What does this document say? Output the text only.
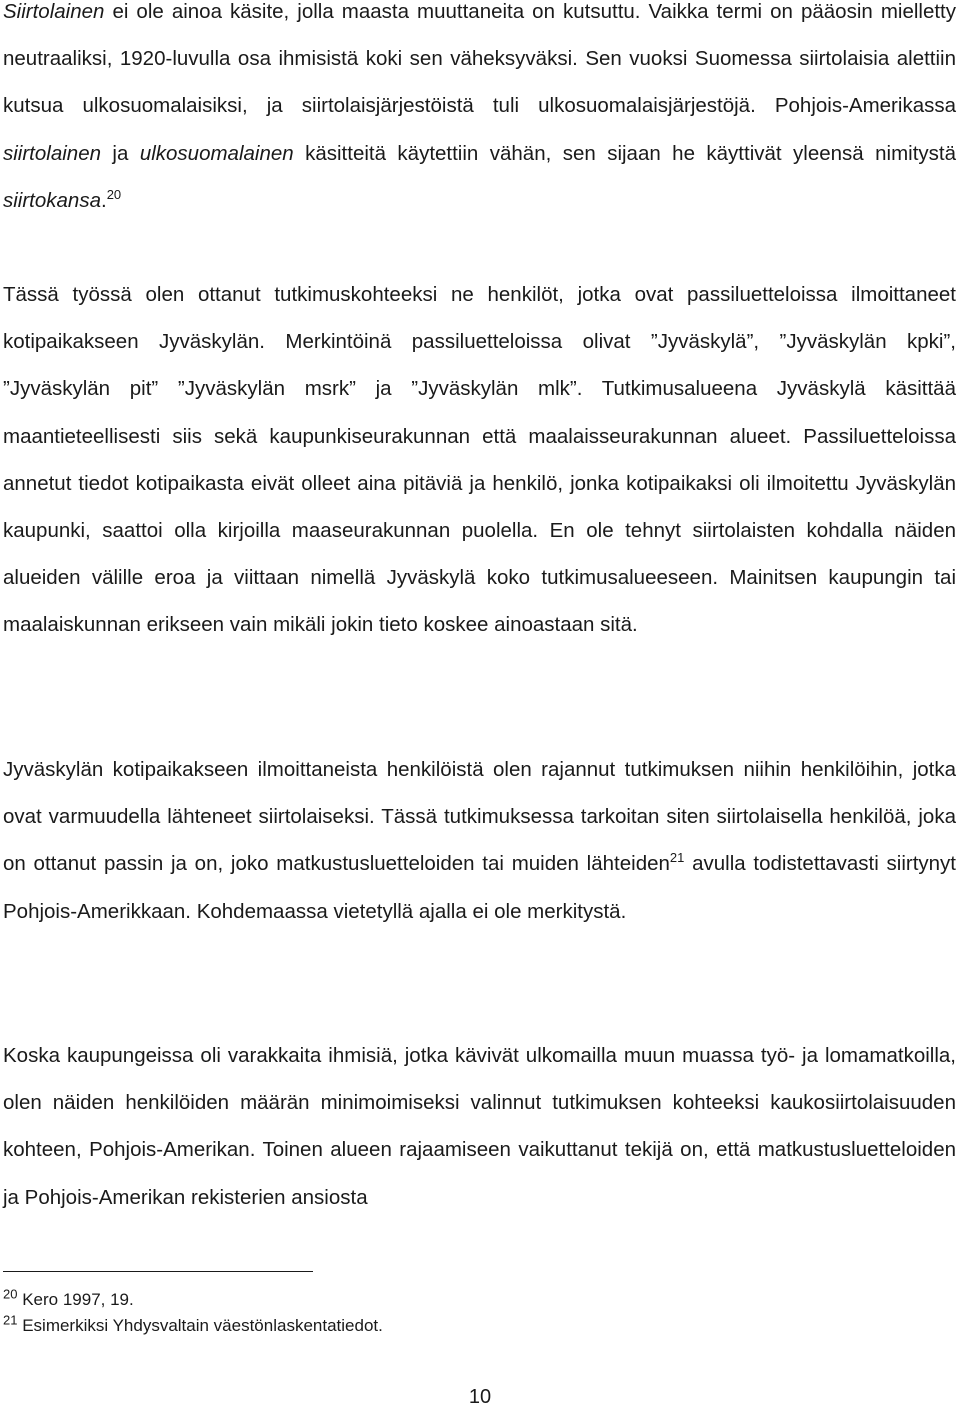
Siirtolainen ei ole ainoa käsite, jolla maasta muuttaneita on kutsuttu. Vaikka termi on pääosin mielletty neutraaliksi, 1920-luvulla osa ihmisistä koki sen väheksyväksi. Sen vuoksi Suomessa siirtolaisia alettiin kutsua ulkosuomalaisiksi, ja siirtolaisjärjestöistä tuli ulkosuomalaisjärjestöjä. Pohjois-Amerikassa siirtolainen ja ulkosuomalainen käsitteitä käytettiin vähän, sen sijaan he käyttivät yleensä nimitystä siirtokansa.$^{20}$

Tässä työssä olen ottanut tutkimuskohteeksi ne henkilöt, jotka ovat passiluetteloissa ilmoittaneet kotipaikakseen Jyväskylän. Merkintöinä passiluetteloissa olivat ”Jyväskylä”, ”Jyväskylän kpki”, ”Jyväskylän pit” ”Jyväskylän msrk” ja ”Jyväskylän mlk”. Tutkimusalueena Jyväskylä käsittää maantieteellisesti siis sekä kaupunkiseurakunnan että maalaisseurakunnan alueet. Passiluetteloissa annetut tiedot kotipaikasta eivät olleet aina pitäviä ja henkilö, jonka kotipaikaksi oli ilmoitettu Jyväskylän kaupunki, saattoi olla kirjoilla maaseurakunnan puolella. En ole tehnyt siirtolaisten kohdalla näiden alueiden välille eroa ja viittaan nimellä Jyväskylä koko tutkimusalueeseen. Mainitsen kaupungin tai maalaiskunnan erikseen vain mikäli jokin tieto koskee ainoastaan sitä.

Jyväskylän kotipaikakseen ilmoittaneista henkilöistä olen rajannut tutkimuksen niihin henkilöihin, jotka ovat varmuudella lähteneet siirtolaiseksi. Tässä tutkimuksessa tarkoitan siten siirtolaisella henkilöä, joka on ottanut passin ja on, joko matkustusluetteloiden tai muiden lähteiden$^{21}$ avulla todistettavasti siirtynyt Pohjois-Amerikkaan. Kohdemaassa vietetyllä ajalla ei ole merkitystä.

Koska kaupungeissa oli varakkaita ihmisiä, jotka kävivät ulkomailla muun muassa työ- ja lomamatkoilla, olen näiden henkilöiden määrän minimoimiseksi valinnut tutkimuksen kohteeksi kaukosiirtolaisuuden kohteen, Pohjois-Amerikan. Toinen alueen rajaamiseen vaikuttanut tekijä on, että matkustusluetteloiden ja Pohjois-Amerikan rekisterien ansiosta

$^{20}$ Kero 1997, 19.

$^{21}$ Esimerkiksi Yhdysvaltain väestönlaskentatiedot.

10
